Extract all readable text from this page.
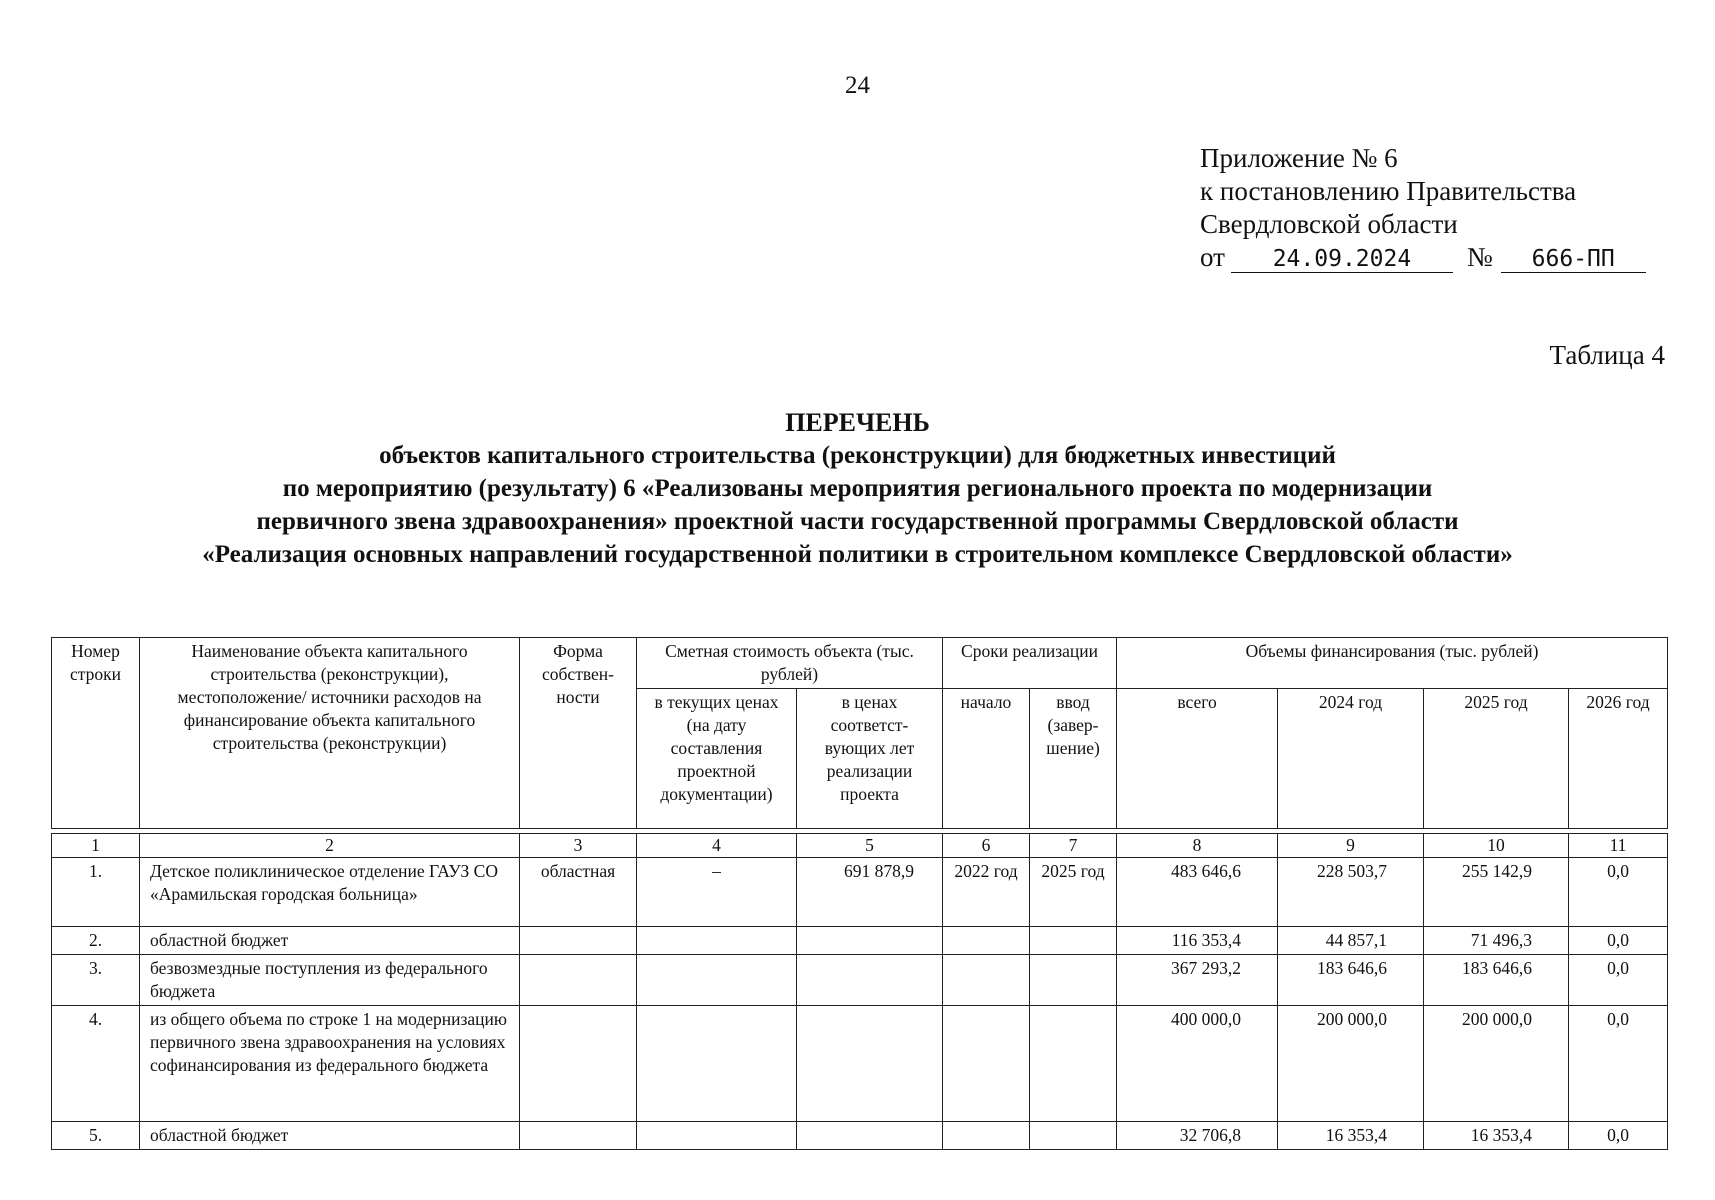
24
Приложение № 6
к постановлению Правительства
Свердловской области
от 24.09.2024 № 666-ПП
Таблица 4
ПЕРЕЧЕНЬ
объектов капитального строительства (реконструкции) для бюджетных инвестиций
по мероприятию (результату) 6 «Реализованы мероприятия регионального проекта по модернизации
первичного звена здравоохранения» проектной части государственной программы Свердловской области
«Реализация основных направлений государственной политики в строительном комплексе Свердловской области»
Номер строки	Наименование объекта капитального строительства (реконструкции), местоположение/ источники расходов на финансирование объекта капитального строительства (реконструкции)	Форма собствен-ности	Сметная стоимость объекта (тыс. рублей)		Сроки реализации		Объемы финансирования (тыс. рублей)			
			в текущих ценах (на дату составления проектной документации)	в ценах соответст-вующих лет реализации проекта	начало	ввод (завер-шение)	всего	2024 год	2025 год	2026 год

1	2	3	4	5	6	7	8	9	10	11
1.	Детское поликлиническое отделение ГАУЗ СО «Арамильская городская больница»	областная	–	691 878,9	2022 год	2025 год	483 646,6	228 503,7	255 142,9	0,0
2.	областной бюджет						116 353,4	44 857,1	71 496,3	0,0
3.	безвозмездные поступления из федерального бюджета						367 293,2	183 646,6	183 646,6	0,0
4.	из общего объема по строке 1 на модернизацию первичного звена здравоохранения на условиях софинансирования из федерального бюджета						400 000,0	200 000,0	200 000,0	0,0
5.	областной бюджет						32 706,8	16 353,4	16 353,4	0,0
